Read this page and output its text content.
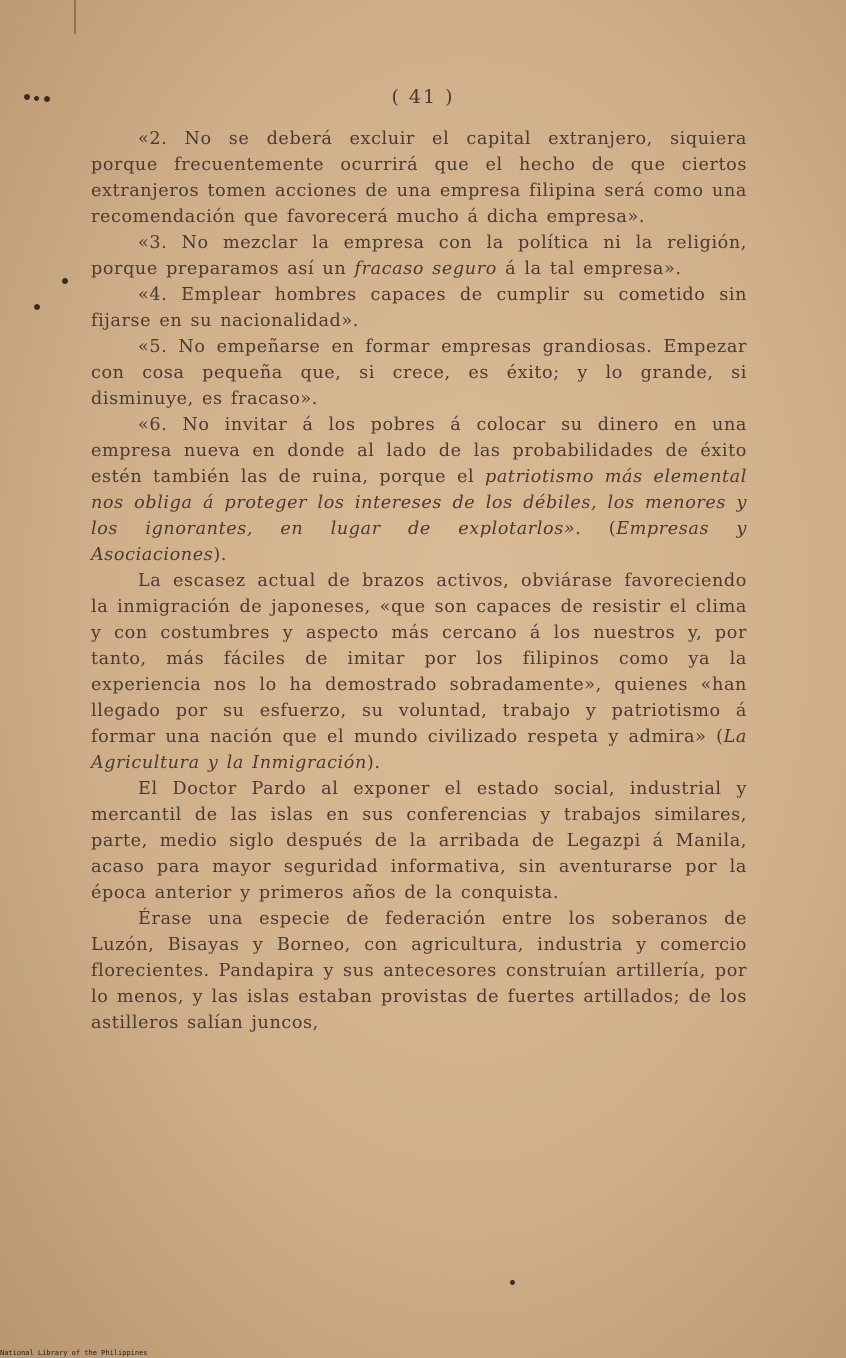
( 41 )

«2. No se deberá excluir el capital extranjero, siquiera porque frecuentemente ocurrirá que el hecho de que ciertos extranjeros tomen acciones de una empresa filipina será como una recomendación que favorecerá mucho á dicha empresa».

«3. No mezclar la empresa con la política ni la religión, porque preparamos así un fracaso seguro á la tal empresa».

«4. Emplear hombres capaces de cumplir su cometido sin fijarse en su nacionalidad».

«5. No empeñarse en formar empresas grandiosas. Empezar con cosa pequeña que, si crece, es éxito; y lo grande, si disminuye, es fracaso».

«6. No invitar á los pobres á colocar su dinero en una empresa nueva en donde al lado de las probabilidades de éxito estén también las de ruina, porque el patriotismo más elemental nos obliga á proteger los intereses de los débiles, los menores y los ignorantes, en lugar de explotarlos». (Empresas y Asociaciones).

La escasez actual de brazos activos, obviárase favoreciendo la inmigración de japoneses, «que son capaces de resistir el clima y con costumbres y aspecto más cercano á los nuestros y, por tanto, más fáciles de imitar por los filipinos como ya la experiencia nos lo ha demostrado sobradamente», quienes «han llegado por su esfuerzo, su voluntad, trabajo y patriotismo á formar una nación que el mundo civilizado respeta y admira» (La Agricultura y la Inmigración).

El Doctor Pardo al exponer el estado social, industrial y mercantil de las islas en sus conferencias y trabajos similares, parte, medio siglo después de la arribada de Legazpi á Manila, acaso para mayor seguridad informativa, sin aventurarse por la época anterior y primeros años de la conquista.

Érase una especie de federación entre los soberanos de Luzón, Bisayas y Borneo, con agricultura, industria y comercio florecientes. Pandapira y sus antecesores construían artillería, por lo menos, y las islas estaban provistas de fuertes artillados; de los astilleros salían juncos,

National Library of the Philippines
